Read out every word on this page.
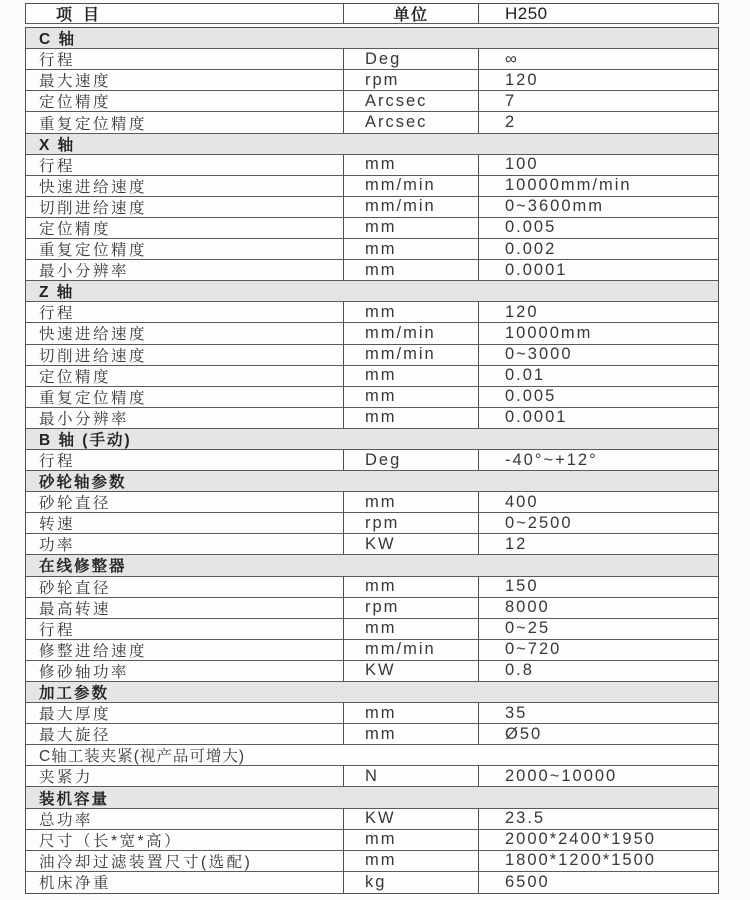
项目	单位	H250
C 轴
行程	Deg	∞
最大速度	rpm	120
定位精度	Arcsec	7
重复定位精度	Arcsec	2
X 轴
行程	mm	100
快速进给速度	mm/min	10000mm/min
切削进给速度	mm/min	0~3600mm
定位精度	mm	0.005
重复定位精度	mm	0.002
最小分辨率	mm	0.0001
Z 轴
行程	mm	120
快速进给速度	mm/min	10000mm
切削进给速度	mm/min	0~3000
定位精度	mm	0.01
重复定位精度	mm	0.005
最小分辨率	mm	0.0001
B 轴 (手动)
行程	Deg	-40°~+12°
砂轮轴参数
砂轮直径	mm	400
转速	rpm	0~2500
功率	KW	12
在线修整器
砂轮直径	mm	150
最高转速	rpm	8000
行程	mm	0~25
修整进给速度	mm/min	0~720
修砂轴功率	KW	0.8
加工参数
最大厚度	mm	35
最大旋径	mm	Ø50
C轴工装夹紧(视产品可增大)
夹紧力	N	2000~10000
装机容量
总功率	KW	23.5
尺寸（长*宽*高）	mm	2000*2400*1950
油冷却过滤装置尺寸(选配)	mm	1800*1200*1500
机床净重	kg	6500
